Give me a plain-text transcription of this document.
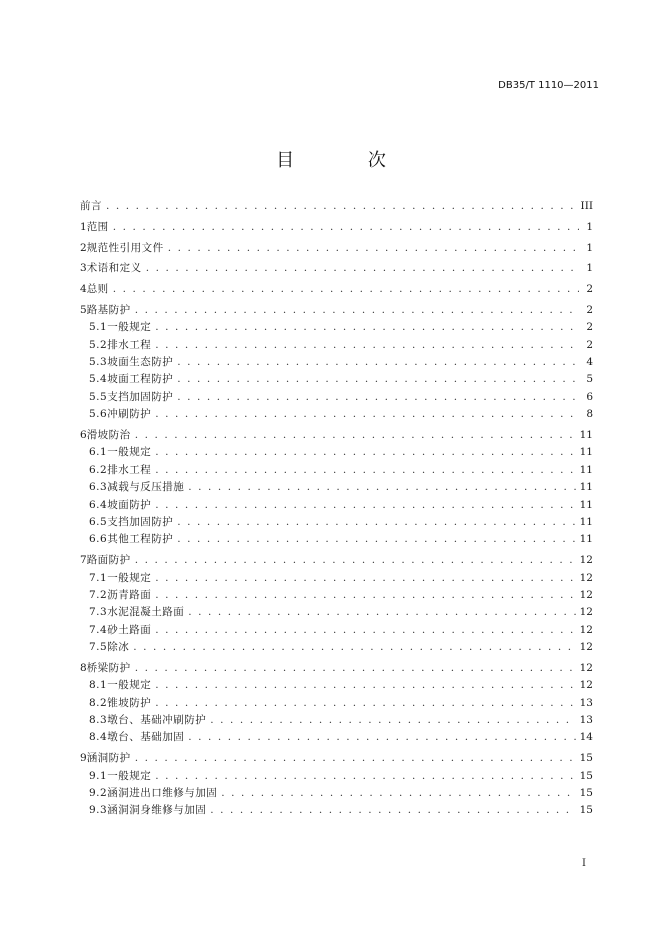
DB35/T 1110—2011
目 次
前言 . . .	III
1 范围 . . .	1
2 规范性引用文件 . . .	1
3 术语和定义 . . .	1
4 总则 . . .	2
5 路基防护 . . .	2
5.1 一般规定 . . .	2
5.2 排水工程 . . .	2
5.3 坡面生态防护 . . .	4
5.4 坡面工程防护 . . .	5
5.5 支挡加固防护 . . .	6
5.6 冲刷防护 . . .	8
6 滑坡防治 . . .	11
6.1 一般规定 . . .	11
6.2 排水工程 . . .	11
6.3 减载与反压措施 . . .	11
6.4 坡面防护 . . .	11
6.5 支挡加固防护 . . .	11
6.6 其他工程防护 . . .	11
7 路面防护 . . .	12
7.1 一般规定 . . .	12
7.2 沥青路面 . . .	12
7.3 水泥混凝土路面 . . .	12
7.4 砂土路面 . . .	12
7.5 除冰 . . .	12
8 桥梁防护 . . .	12
8.1 一般规定 . . .	12
8.2 锥坡防护 . . .	13
8.3 墩台、基础冲刷防护 . . .	13
8.4 墩台、基础加固 . . .	14
9 涵洞防护 . . .	15
9.1 一般规定 . . .	15
9.2 涵洞进出口维修与加固 . . .	15
9.3 涵洞洞身维修与加固 . . .	15
I
